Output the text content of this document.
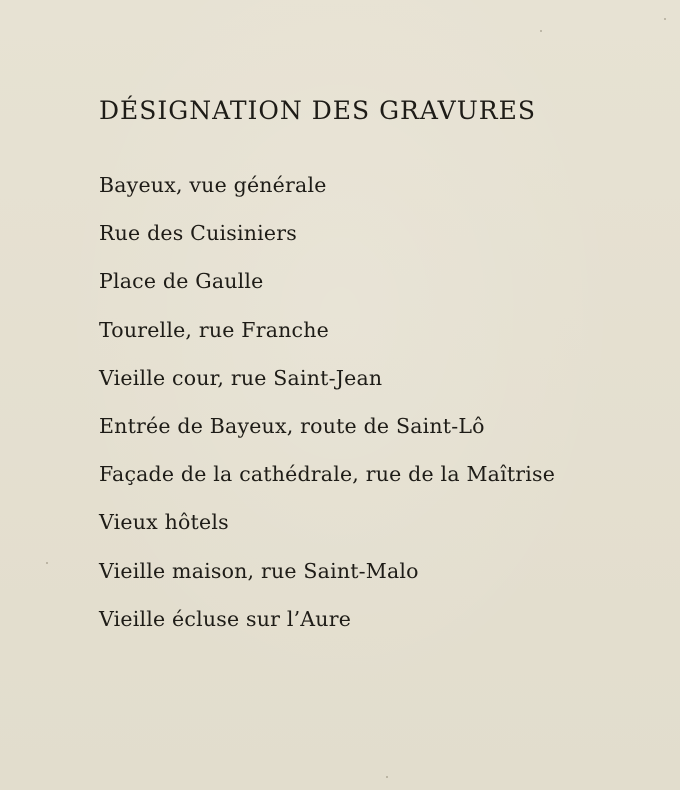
DÉSIGNATION DES GRAVURES
Bayeux, vue générale
Rue des Cuisiniers
Place de Gaulle
Tourelle, rue Franche
Vieille cour, rue Saint-Jean
Entrée de Bayeux, route de Saint-Lô
Façade de la cathédrale, rue de la Maîtrise
Vieux hôtels
Vieille maison, rue Saint-Malo
Vieille écluse sur l’Aure
